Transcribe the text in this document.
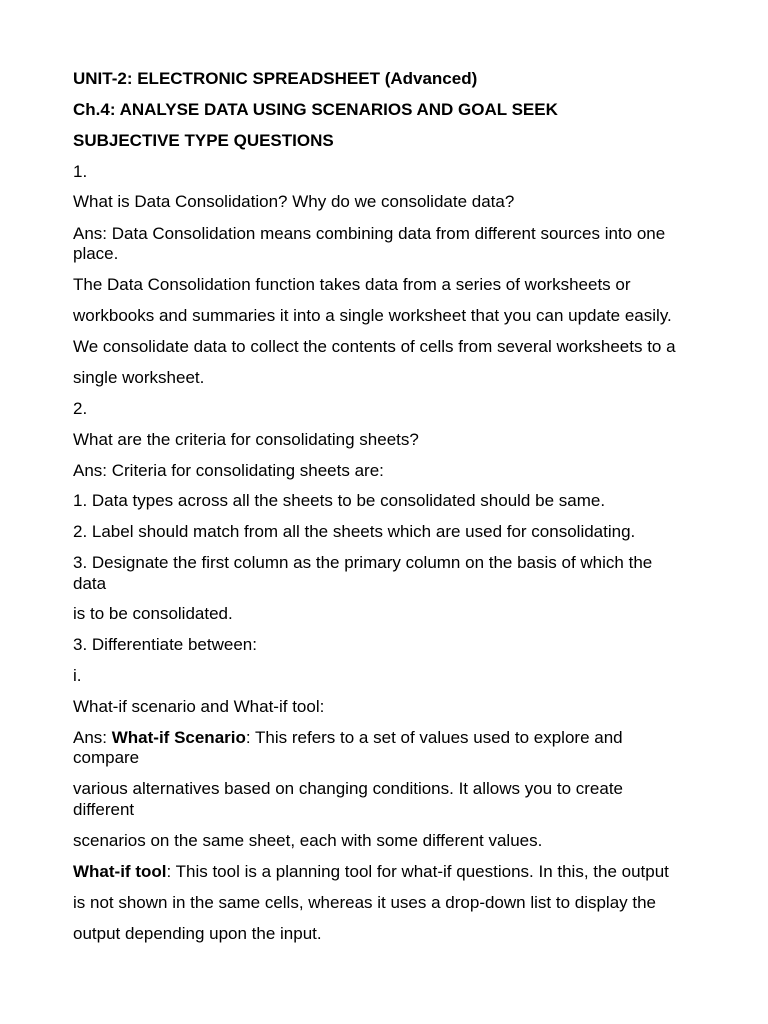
UNIT-2: ELECTRONIC SPREADSHEET (Advanced)
Ch.4: ANALYSE DATA USING SCENARIOS AND GOAL SEEK
SUBJECTIVE TYPE QUESTIONS
1.
What is Data Consolidation? Why do we consolidate data?
Ans: Data Consolidation means combining data from different sources into one
place.
The Data Consolidation function takes data from a series of worksheets or
workbooks and summaries it into a single worksheet that you can update easily.
We consolidate data to collect the contents of cells from several worksheets to a
single worksheet.
2.
What are the criteria for consolidating sheets?
Ans: Criteria for consolidating sheets are:
1. Data types across all the sheets to be consolidated should be same.
2. Label should match from all the sheets which are used for consolidating.
3. Designate the first column as the primary column on the basis of which the
data
is to be consolidated.
3. Differentiate between:
i.
What-if scenario and What-if tool:
Ans: What-if Scenario: This refers to a set of values used to explore and
compare
various alternatives based on changing conditions. It allows you to create
different
scenarios on the same sheet, each with some different values.
What-if tool: This tool is a planning tool for what-if questions. In this, the output
is not shown in the same cells, whereas it uses a drop-down list to display the
output depending upon the input.
